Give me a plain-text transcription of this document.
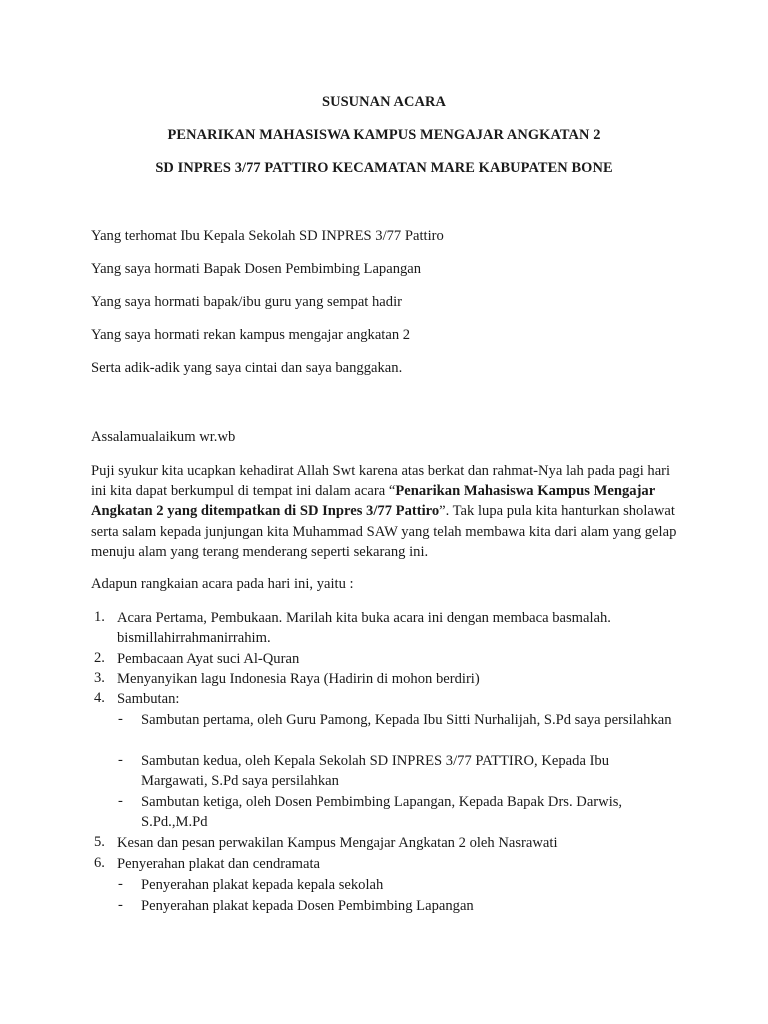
SUSUNAN ACARA
PENARIKAN MAHASISWA KAMPUS MENGAJAR ANGKATAN 2
SD INPRES 3/77 PATTIRO KECAMATAN MARE KABUPATEN BONE
Yang terhomat Ibu Kepala Sekolah SD INPRES 3/77 Pattiro
Yang saya hormati Bapak Dosen Pembimbing Lapangan
Yang saya hormati bapak/ibu guru yang sempat hadir
Yang saya hormati rekan kampus mengajar angkatan 2
Serta adik-adik yang saya cintai dan saya banggakan.
Assalamualaikum wr.wb
Puji syukur kita ucapkan kehadirat Allah Swt karena atas berkat dan rahmat-Nya lah pada pagi hari ini kita dapat berkumpul di tempat ini dalam acara “Penarikan Mahasiswa Kampus Mengajar Angkatan 2 yang ditempatkan di SD Inpres 3/77 Pattiro”. Tak lupa pula kita hanturkan sholawat serta salam kepada junjungan kita Muhammad SAW yang telah membawa kita dari alam yang gelap menuju alam yang terang menderang seperti sekarang ini.
Adapun rangkaian acara pada hari ini, yaitu :
1. Acara Pertama, Pembukaan. Marilah kita buka acara ini dengan membaca basmalah. bismillahirrahmanirrahim.
2. Pembacaan Ayat suci Al-Quran
3. Menyanyikan lagu Indonesia Raya (Hadirin di mohon berdiri)
4. Sambutan:
- Sambutan pertama, oleh Guru Pamong, Kepada Ibu Sitti Nurhalijah, S.Pd saya persilahkan
- Sambutan kedua, oleh Kepala Sekolah SD INPRES 3/77 PATTIRO, Kepada Ibu Margawati, S.Pd saya persilahkan
- Sambutan ketiga, oleh Dosen Pembimbing Lapangan, Kepada Bapak Drs. Darwis, S.Pd.,M.Pd
5. Kesan dan pesan perwakilan Kampus Mengajar Angkatan 2 oleh Nasrawati
6. Penyerahan plakat dan cendramata
- Penyerahan plakat kepada kepala sekolah
- Penyerahan plakat kepada Dosen Pembimbing Lapangan
